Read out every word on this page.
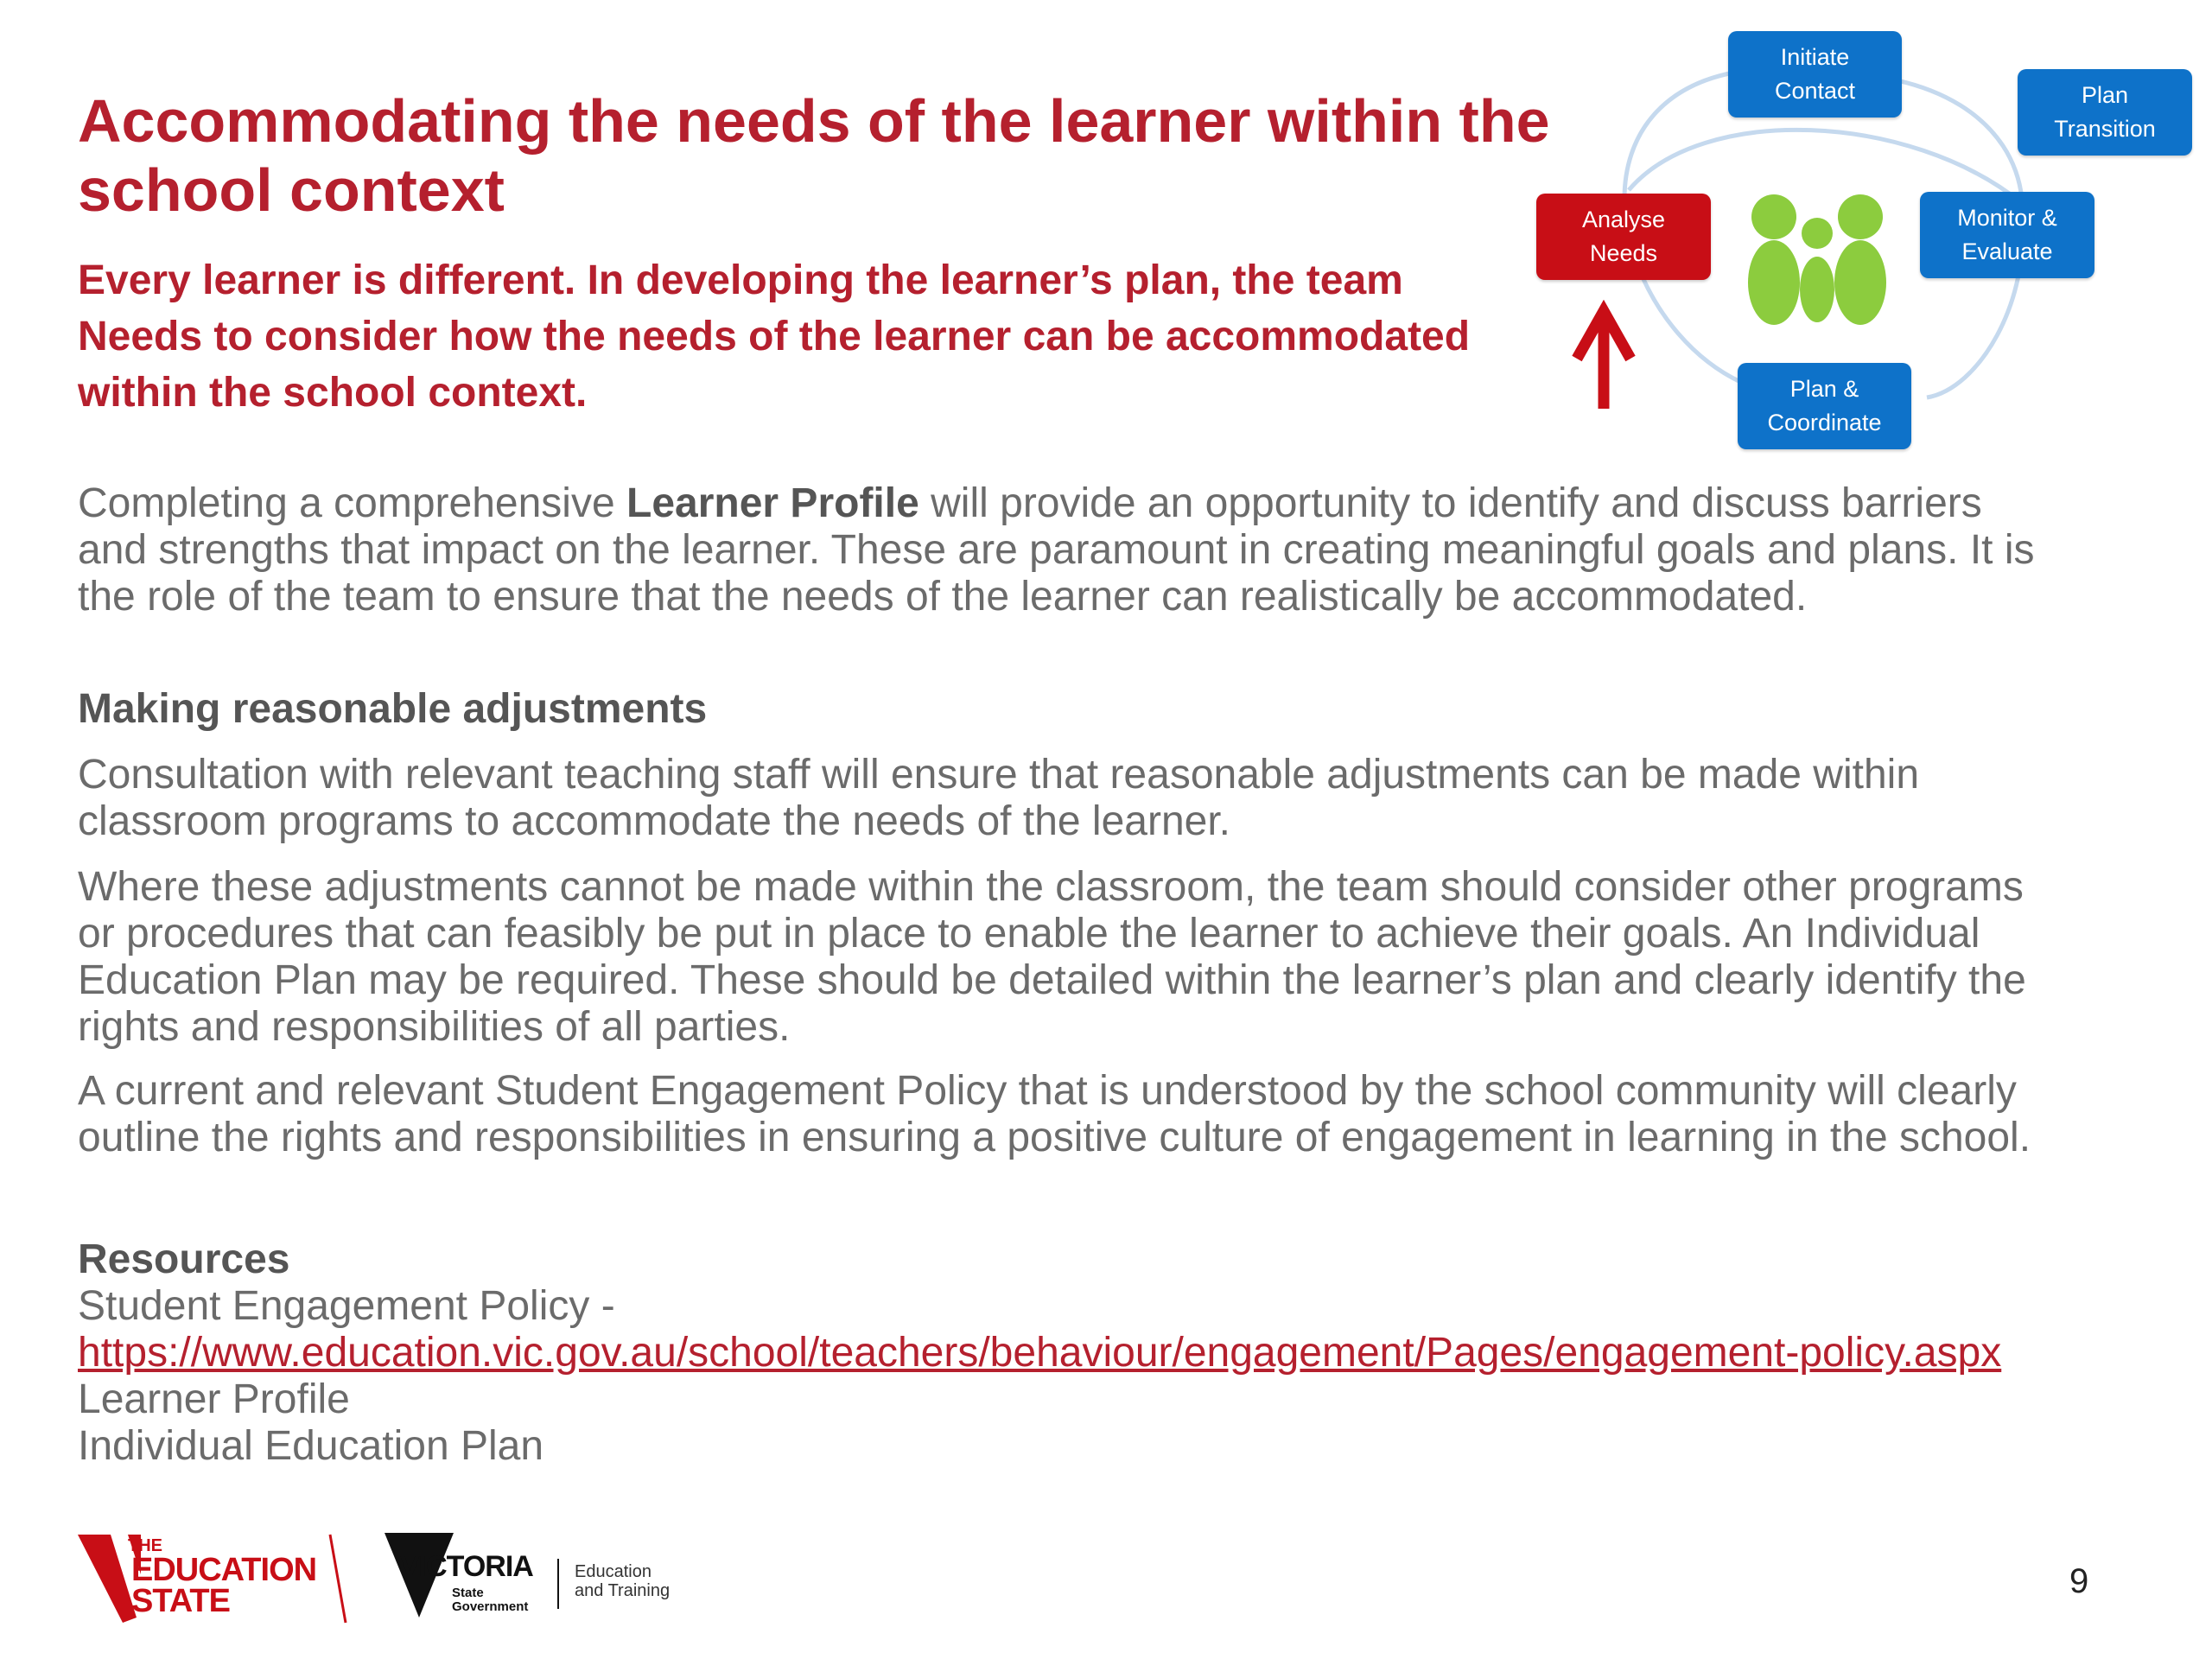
Accommodating the needs of the learner within the
school context
Every learner is different. In developing the learner’s plan, the team
Needs to consider how the needs of the learner can be accommodated
within the school context.
Initiate
Contact	Plan
Transition
Analyse
Needs
Monitor &
Evaluate
Plan &
Coordinate
Completing a comprehensive Learner Profile will provide an opportunity to identify and discuss barriers
and strengths that impact on the learner. These are paramount in creating meaningful goals and plans. It is
the role of the team to ensure that the needs of the learner can realistically be accommodated.
Making reasonable adjustments
Consultation with relevant teaching staff will ensure that reasonable adjustments can be made within
classroom programs to accommodate the needs of the learner.
Where these adjustments cannot be made within the classroom, the team should consider other programs
or procedures that can feasibly be put in place to enable the learner to achieve their goals. An Individual
Education Plan may be required. These should be detailed within the learner’s plan and clearly identify the
rights and responsibilities of all parties.
A current and relevant Student Engagement Policy that is understood by the school community will clearly
outline the rights and responsibilities in ensuring a positive culture of engagement in learning in the school.
Resources
Student Engagement Policy -
https://www.education.vic.gov.au/school/teachers/behaviour/engagement/Pages/engagement-policy.aspx
Learner Profile
Individual Education Plan
THE
EDUCATION
STATE
VICTORIA
State
Government
Education
and Training	9
